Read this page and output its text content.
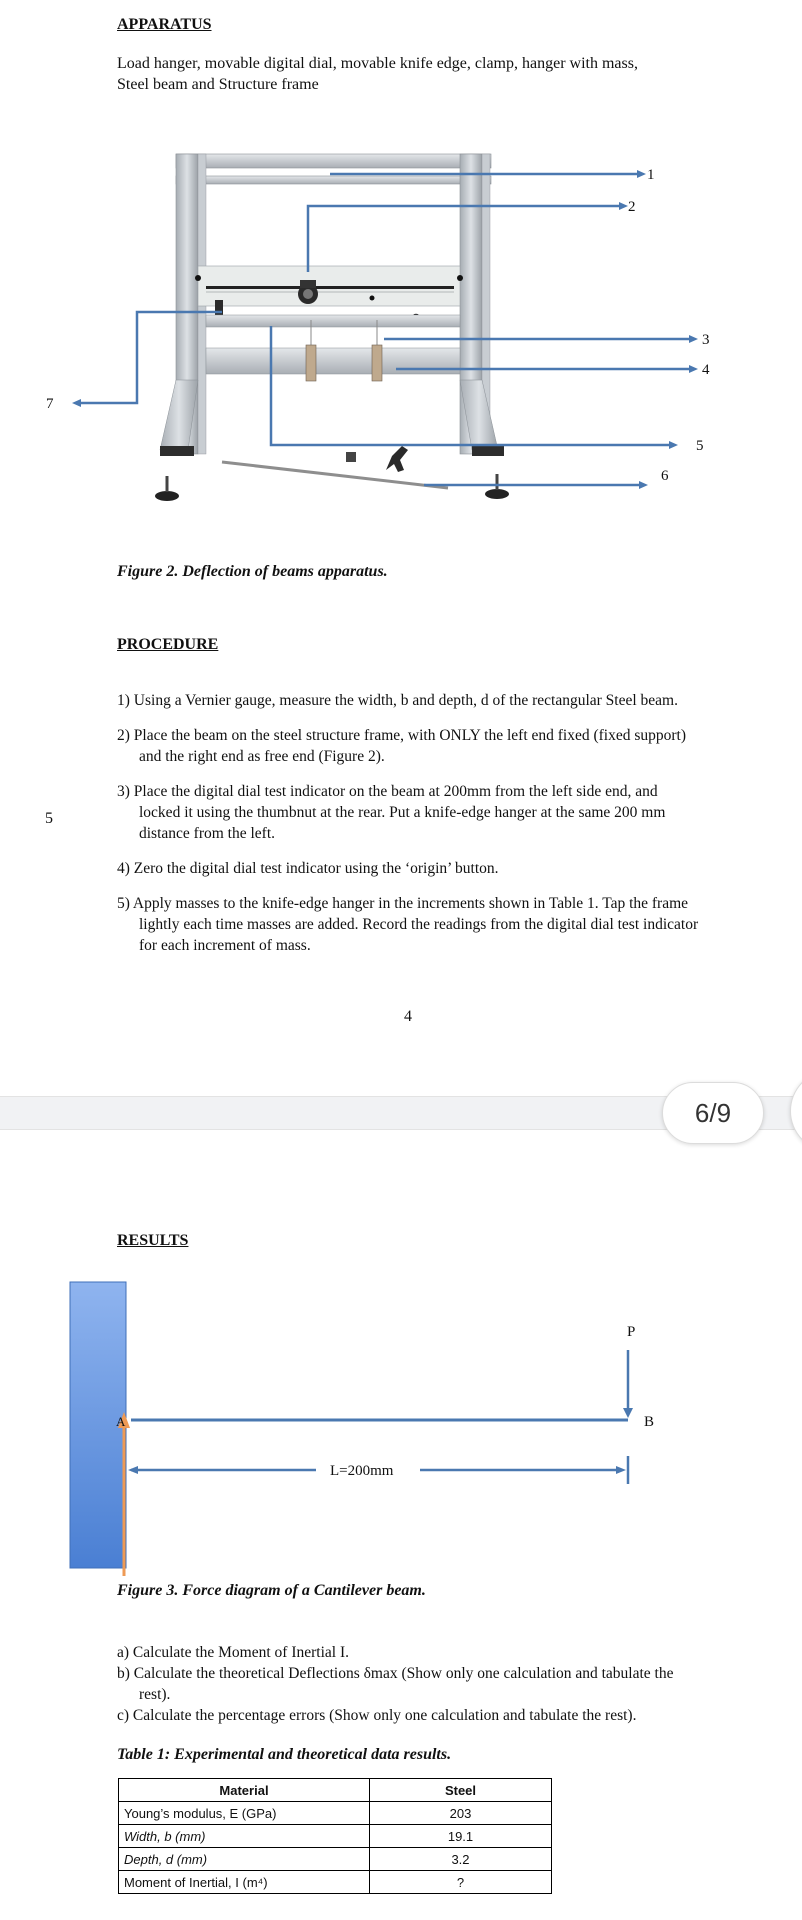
APPARATUS
Load hanger, movable digital dial, movable knife edge, clamp, hanger with mass,
Steel beam and Structure frame
1
2
3
4
5
6
7
Figure 2. Deflection of beams apparatus.
PROCEDURE
5
1) Using a Vernier gauge, measure the width, b and depth, d of the rectangular Steel beam.
2) Place the beam on the steel structure frame, with ONLY the left end fixed (fixed support) and the right end as free end (Figure 2).
3) Place the digital dial test indicator on the beam at 200mm from the left side end, and locked it using the thumbnut at the rear. Put a knife-edge hanger at the same 200 mm distance from the left.
4) Zero the digital dial test indicator using the ‘origin’ button.
5) Apply masses to the knife-edge hanger in the increments shown in Table 1. Tap the frame lightly each time masses are added. Record the readings from the digital dial test indicator for each increment of mass.
4
6/9
RESULTS
P
A	B
L=200mm
Figure 3. Force diagram of a Cantilever beam.
a) Calculate the Moment of Inertial I.
b) Calculate the theoretical Deflections δmax (Show only one calculation and tabulate the rest).
c) Calculate the percentage errors (Show only one calculation and tabulate the rest).
Table 1: Experimental and theoretical data results.
Material	Steel
Young’s modulus, E (GPa)	203
Width, b (mm)	19.1
Depth, d (mm)	3.2
Moment of Inertial, I (m⁴)	?
